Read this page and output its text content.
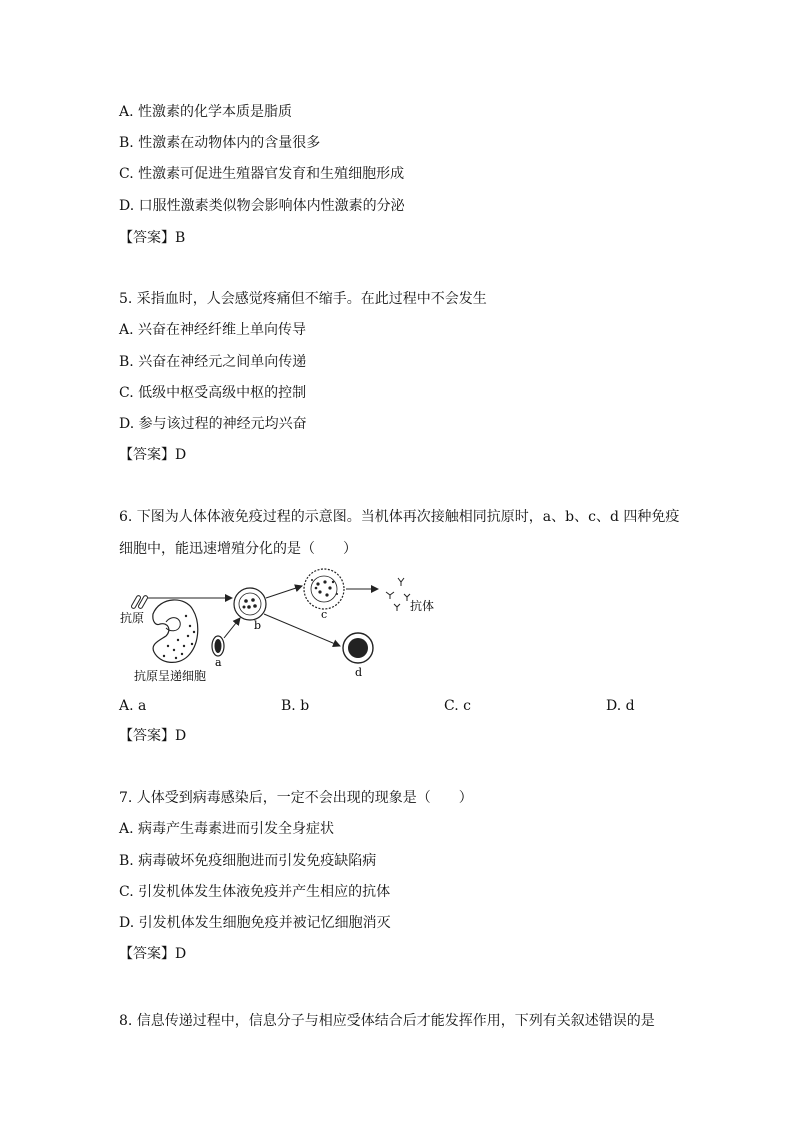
A. 性激素的化学本质是脂质
B. 性激素在动物体内的含量很多
C. 性激素可促进生殖器官发育和生殖细胞形成
D. 口服性激素类似物会影响体内性激素的分泌
【答案】B
5. 采指血时，人会感觉疼痛但不缩手。在此过程中不会发生
A. 兴奋在神经纤维上单向传导
B. 兴奋在神经元之间单向传递
C. 低级中枢受高级中枢的控制
D. 参与该过程的神经元均兴奋
【答案】D
6. 下图为人体体液免疫过程的示意图。当机体再次接触相同抗原时，a、b、c、d 四种免疫
细胞中，能迅速增殖分化的是（　　）
抗原
抗原呈递细胞
a
b
c
抗体
d
A. a	B. b	C. c	D. d
【答案】D
7. 人体受到病毒感染后，一定不会出现的现象是（　　）
A. 病毒产生毒素进而引发全身症状
B. 病毒破坏免疫细胞进而引发免疫缺陷病
C. 引发机体发生体液免疫并产生相应的抗体
D. 引发机体发生细胞免疫并被记忆细胞消灭
【答案】D
8. 信息传递过程中，信息分子与相应受体结合后才能发挥作用，下列有关叙述错误的是
